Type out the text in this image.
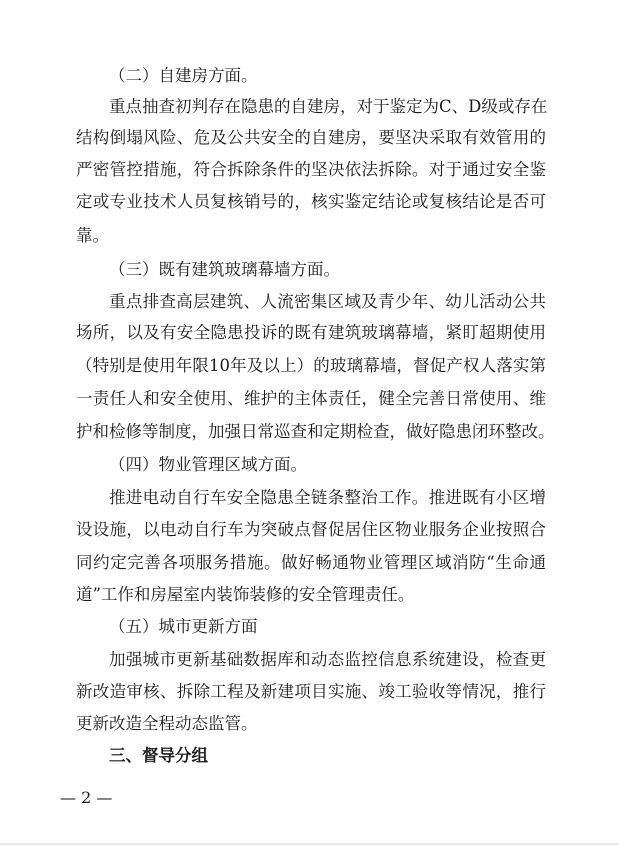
（二）自建房方面。
重点抽查初判存在隐患的自建房，对于鉴定为C、D级或存在
结构倒塌风险、危及公共安全的自建房，要坚决采取有效管用的
严密管控措施，符合拆除条件的坚决依法拆除。对于通过安全鉴
定或专业技术人员复核销号的，核实鉴定结论或复核结论是否可
靠。
（三）既有建筑玻璃幕墙方面。
重点排查高层建筑、人流密集区域及青少年、幼儿活动公共
场所，以及有安全隐患投诉的既有建筑玻璃幕墙，紧盯超期使用
（特别是使用年限10年及以上）的玻璃幕墙，督促产权人落实第
一责任人和安全使用、维护的主体责任，健全完善日常使用、维
护和检修等制度，加强日常巡查和定期检查，做好隐患闭环整改。
（四）物业管理区域方面。
推进电动自行车安全隐患全链条整治工作。推进既有小区增
设设施，以电动自行车为突破点督促居住区物业服务企业按照合
同约定完善各项服务措施。做好畅通物业管理区域消防“生命通
道”工作和房屋室内装饰装修的安全管理责任。
（五）城市更新方面
加强城市更新基础数据库和动态监控信息系统建设，检查更
新改造审核、拆除工程及新建项目实施、竣工验收等情况，推行
更新改造全程动态监管。
三、督导分组
— 2 —
